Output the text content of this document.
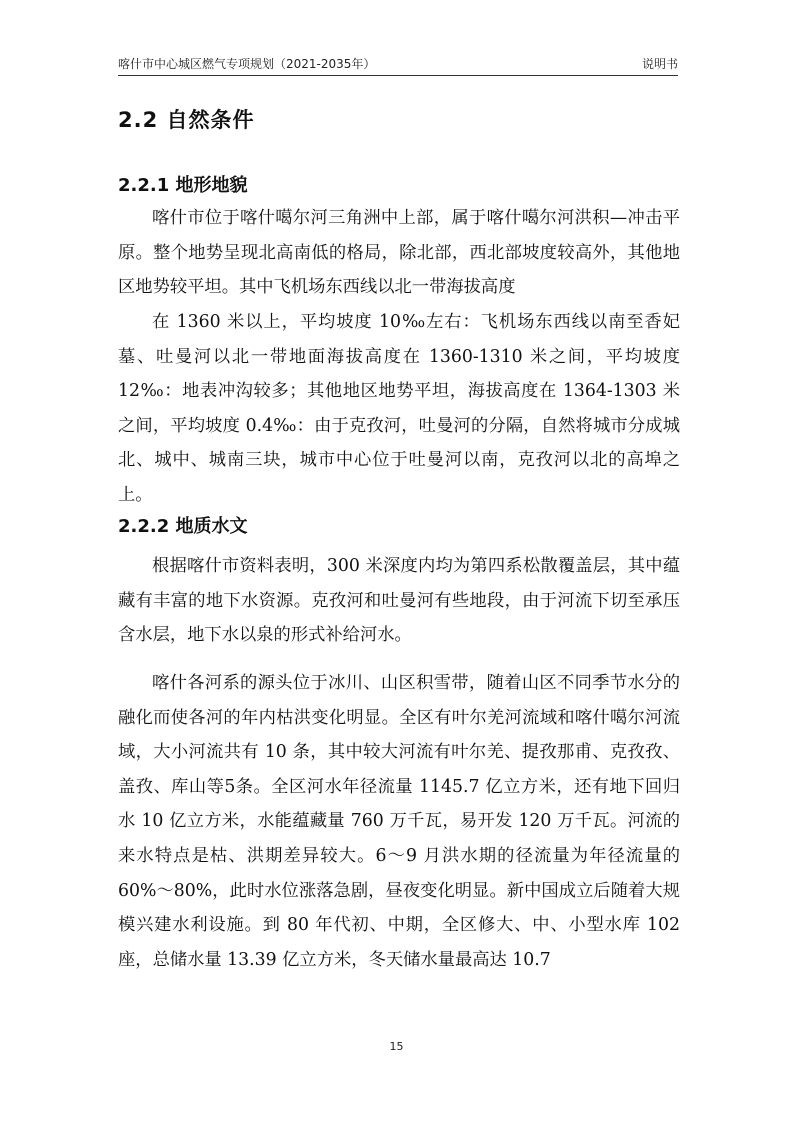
喀什市中心城区燃气专项规划（2021-2035年）	说明书
2.2 自然条件
2.2.1 地形地貌

喀什市位于喀什噶尔河三角洲中上部，属于喀什噶尔河洪积—冲击平原。整个地势呈现北高南低的格局，除北部，西北部坡度较高外，其他地区地势较平坦。其中飞机场东西线以北一带海拔高度

在 1360 米以上，平均坡度 10‰左右：飞机场东西线以南至香妃墓、吐曼河以北一带地面海拔高度在 1360-1310 米之间，平均坡度 12‰：地表冲沟较多；其他地区地势平坦，海拔高度在 1364-1303 米之间，平均坡度 0.4‰：由于克孜河，吐曼河的分隔，自然将城市分成城北、城中、城南三块，城市中心位于吐曼河以南，克孜河以北的高埠之上。

2.2.2 地质水文

根据喀什市资料表明，300 米深度内均为第四系松散覆盖层，其中蕴藏有丰富的地下水资源。克孜河和吐曼河有些地段，由于河流下切至承压含水层，地下水以泉的形式补给河水。

喀什各河系的源头位于冰川、山区积雪带，随着山区不同季节水分的融化而使各河的年内枯洪变化明显。全区有叶尔羌河流域和喀什噶尔河流域，大小河流共有 10 条，其中较大河流有叶尔羌、提孜那甫、克孜孜、盖孜、库山等5条。全区河水年径流量 1145.7 亿立方米，还有地下回归水 10 亿立方米，水能蕴藏量 760 万千瓦，易开发 120 万千瓦。河流的来水特点是枯、洪期差异较大。6～9 月洪水期的径流量为年径流量的 60%～80%，此时水位涨落急剧，昼夜变化明显。新中国成立后随着大规模兴建水利设施。到 80 年代初、中期，全区修大、中、小型水库 102 座，总储水量 13.39 亿立方米，冬天储水量最高达 10.7

15
